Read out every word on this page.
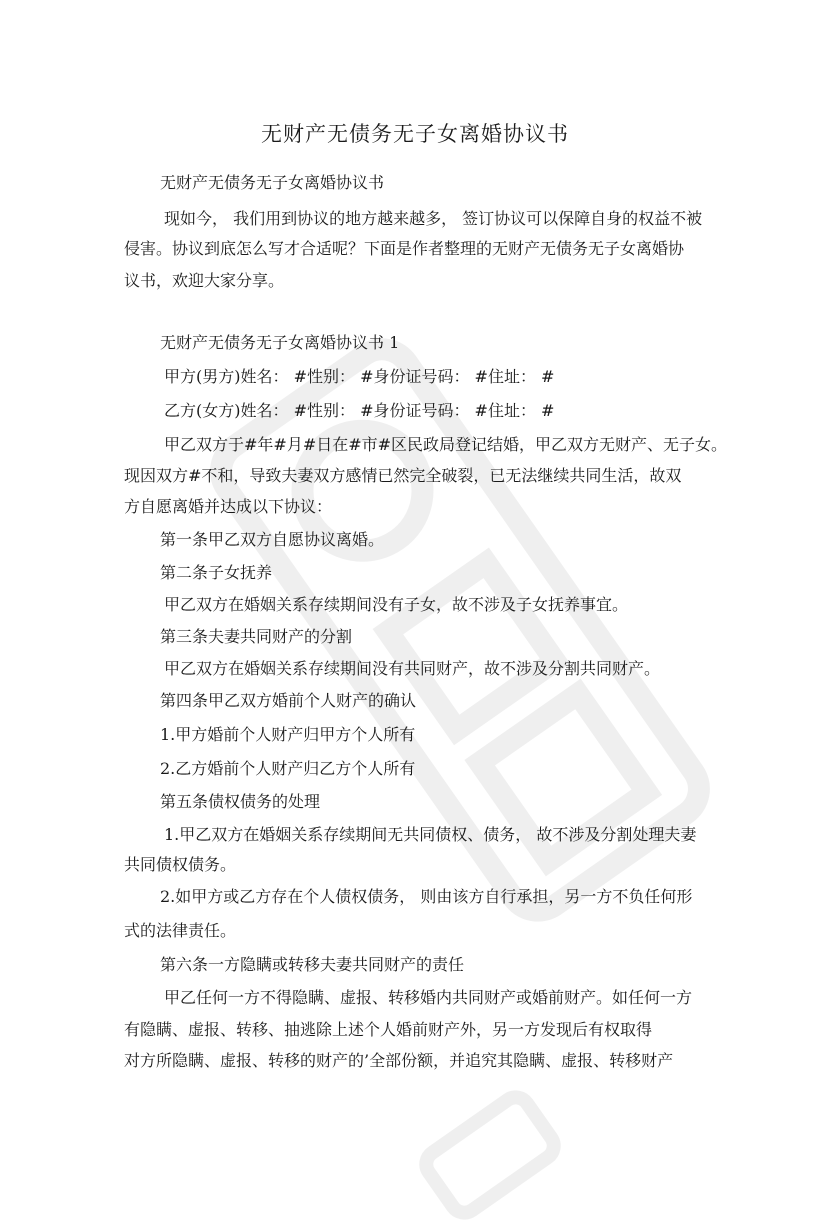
无财产无债务无子女离婚协议书
无财产无债务无子女离婚协议书
现如今， 我们用到协议的地方越来越多， 签订协议可以保障自身的权益不被
侵害。协议到底怎么写才合适呢？下面是作者整理的无财产无债务无子女离婚协
议书，欢迎大家分享。
无财产无债务无子女离婚协议书 1
甲方(男方)姓名： #性别： #身份证号码： #住址： #
乙方(女方)姓名： #性别： #身份证号码： #住址： #
甲乙双方于#年#月#日在#市#区民政局登记结婚，甲乙双方无财产、无子女。
现因双方#不和，导致夫妻双方感情已然完全破裂，已无法继续共同生活，故双
方自愿离婚并达成以下协议：
第一条甲乙双方自愿协议离婚。
第二条子女抚养
甲乙双方在婚姻关系存续期间没有子女，故不涉及子女抚养事宜。
第三条夫妻共同财产的分割
甲乙双方在婚姻关系存续期间没有共同财产，故不涉及分割共同财产。
第四条甲乙双方婚前个人财产的确认
1.甲方婚前个人财产归甲方个人所有
2.乙方婚前个人财产归乙方个人所有
第五条债权债务的处理
1.甲乙双方在婚姻关系存续期间无共同债权、债务， 故不涉及分割处理夫妻
共同债权债务。
2.如甲方或乙方存在个人债权债务， 则由该方自行承担，另一方不负任何形
式的法律责任。
第六条一方隐瞒或转移夫妻共同财产的责任
甲乙任何一方不得隐瞒、虚报、转移婚内共同财产或婚前财产。如任何一方
有隐瞒、虚报、转移、抽逃除上述个人婚前财产外，另一方发现后有权取得
对方所隐瞒、虚报、转移的财产的’全部份额，并追究其隐瞒、虚报、转移财产
